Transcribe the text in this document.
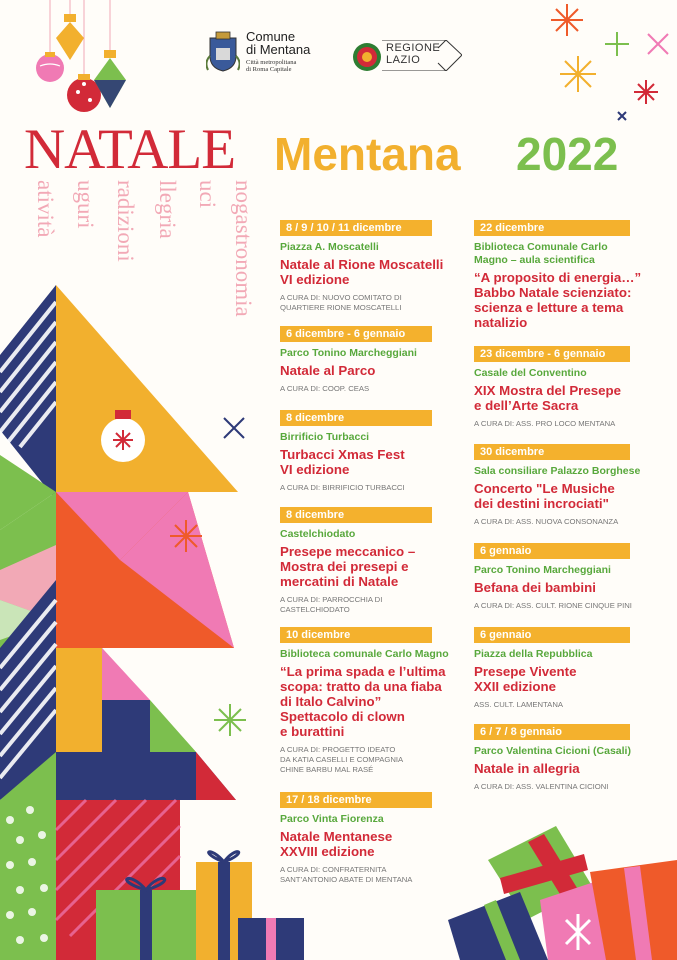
Comune
di Mentana
Città metropolitana
di Roma Capitale
REGIONE
LAZIO
NATALE Mentana 2022
nogastronomia
uci
llegria
radizioni
uguri
atività	8 / 9 / 10 / 11 dicembre
Piazza A. Moscatelli
Natale al Rione Moscatelli
VI edizione
A CURA DI: NUOVO COMITATO DI
QUARTIERE RIONE MOSCATELLI
6 dicembre - 6 gennaio
Parco Tonino Marcheggiani
Natale al Parco
A CURA DI: COOP. CEAS
8 dicembre
Birrificio Turbacci
Turbacci Xmas Fest
VI edizione
A CURA DI: BIRRIFICIO TURBACCI
8 dicembre
Castelchiodato
Presepe meccanico –
Mostra dei presepi e
mercatini di Natale
A CURA DI: PARROCCHIA DI
CASTELCHIODATO
10 dicembre
Biblioteca comunale Carlo Magno
“La prima spada e l’ultima
scopa: tratto da una fiaba
di Italo Calvino”
Spettacolo di clown
e burattini
A CURA DI: PROGETTO IDEATO
DA KATIA CASELLI E COMPAGNIA
CHINE BARBU MAL RASÉ
17 / 18 dicembre
Parco Vinta Fiorenza
Natale Mentanese
XXVIII edizione
A CURA DI: CONFRATERNITA
SANT’ANTONIO ABATE DI MENTANA
22 dicembre
Biblioteca Comunale Carlo
Magno – aula scientifica
“A proposito di energia…”
Babbo Natale scienziato:
scienza e letture a tema
natalizio
23 dicembre - 6 gennaio
Casale del Conventino
XIX Mostra del Presepe
e dell’Arte Sacra
A CURA DI: ASS. PRO LOCO MENTANA
30 dicembre
Sala consiliare Palazzo Borghese
Concerto "Le Musiche
dei destini incrociati"
A CURA DI: ASS. NUOVA CONSONANZA
6 gennaio
Parco Tonino Marcheggiani
Befana dei bambini
A CURA DI: ASS. CULT. RIONE CINQUE PINI
6 gennaio
Piazza della Repubblica
Presepe Vivente
XXII edizione
ASS. CULT. LAMENTANA
6 / 7 / 8 gennaio
Parco Valentina Cicioni (Casali)
Natale in allegria
A CURA DI: ASS. VALENTINA CICIONI
